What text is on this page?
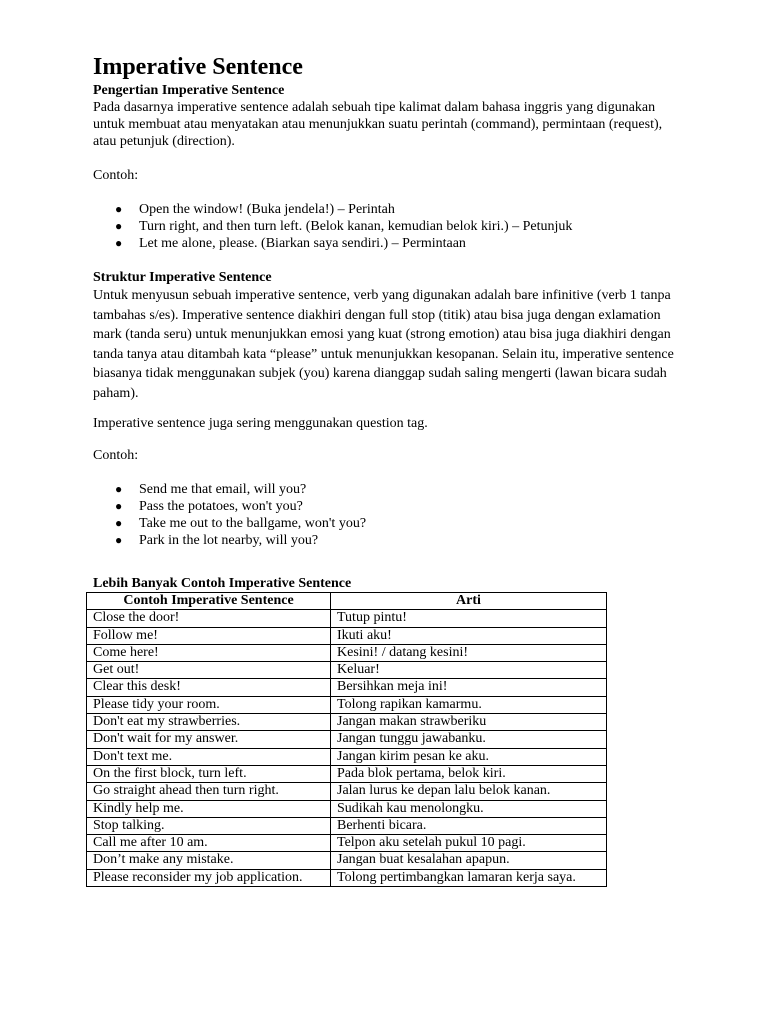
Imperative Sentence
Pengertian Imperative Sentence

Pada dasarnya imperative sentence adalah sebuah tipe kalimat dalam bahasa inggris yang digunakan untuk membuat atau menyatakan atau menunjukkan suatu perintah (command), permintaan (request), atau petunjuk (direction).

Contoh:

● Open the window! (Buka jendela!) – Perintah
● Turn right, and then turn left. (Belok kanan, kemudian belok kiri.) – Petunjuk
● Let me alone, please. (Biarkan saya sendiri.) – Permintaan
Struktur Imperative Sentence

Untuk menyusun sebuah imperative sentence, verb yang digunakan adalah bare infinitive (verb 1 tanpa tambahas s/es). Imperative sentence diakhiri dengan full stop (titik) atau bisa juga dengan exlamation mark (tanda seru) untuk menunjukkan emosi yang kuat (strong emotion) atau bisa juga diakhiri dengan tanda tanya atau ditambah kata “please” untuk menunjukkan kesopanan. Selain itu, imperative sentence biasanya tidak menggunakan subjek (you) karena dianggap sudah saling mengerti (lawan bicara sudah paham).

Imperative sentence juga sering menggunakan question tag.

Contoh:

● Send me that email, will you?
● Pass the potatoes, won't you?
● Take me out to the ballgame, won't you?
● Park in the lot nearby, will you?
Lebih Banyak Contoh Imperative Sentence
Contoh Imperative Sentence	Arti
Close the door!	Tutup pintu!
Follow me!	Ikuti aku!
Come here!	Kesini! / datang kesini!
Get out!	Keluar!
Clear this desk!	Bersihkan meja ini!
Please tidy your room.	Tolong rapikan kamarmu.
Don't eat my strawberries.	Jangan makan strawberiku
Don't wait for my answer.	Jangan tunggu jawabanku.
Don't text me.	Jangan kirim pesan ke aku.
On the first block, turn left.	Pada blok pertama, belok kiri.
Go straight ahead then turn right.	Jalan lurus ke depan lalu belok kanan.
Kindly help me.	Sudikah kau menolongku.
Stop talking.	Berhenti bicara.
Call me after 10 am.	Telpon aku setelah pukul 10 pagi.
Don’t make any mistake.	Jangan buat kesalahan apapun.
Please reconsider my job application.	Tolong pertimbangkan lamaran kerja saya.
